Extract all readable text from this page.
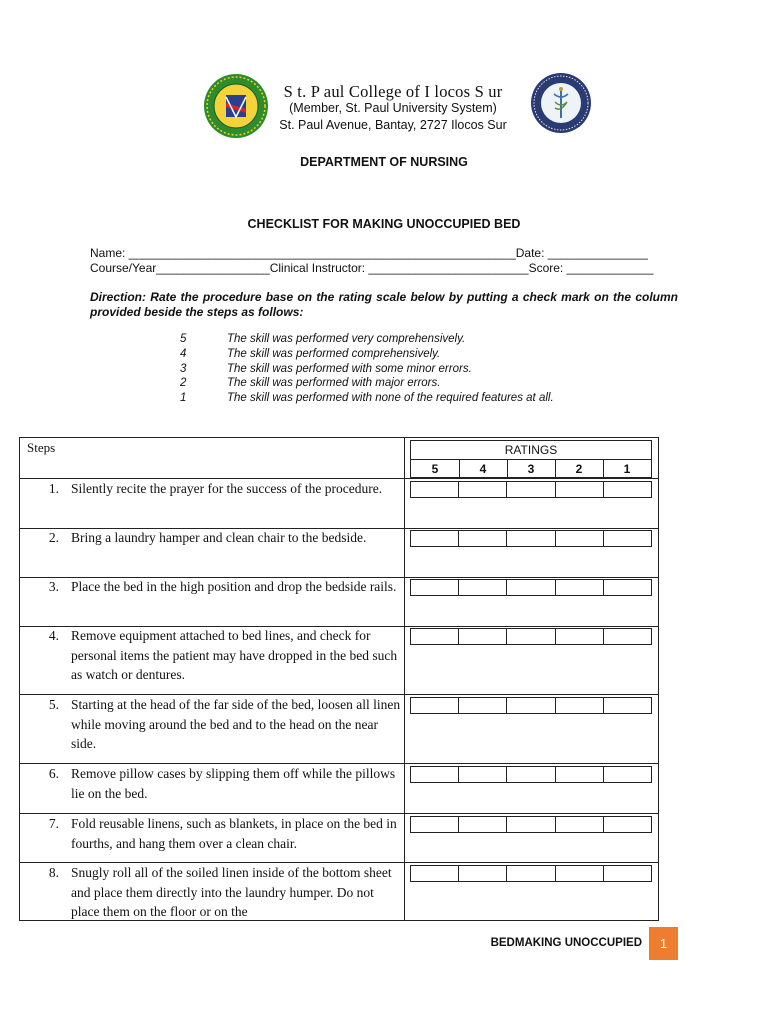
S t. P aul College of I locos S ur
(Member, St. Paul University System)
St. Paul Avenue, Bantay, 2727 Ilocos Sur
DEPARTMENT OF NURSING
CHECKLIST FOR MAKING UNOCCUPIED BED
Name: __________________________________________________________Date: _______________
Course/Year_________________Clinical Instructor: ________________________Score: _____________
Direction: Rate the procedure base on the rating scale below by putting a check mark on the column provided beside the steps as follows:
5	The skill was performed very comprehensively.
4	The skill was performed comprehensively.
3	The skill was performed with some minor errors.
2	The skill was performed with major errors.
1	The skill was performed with none of the required features at all.
Steps	RATINGS
5	4	3	2	1
1. Silently recite the prayer for the success of the procedure.
2. Bring a laundry hamper and clean chair to the bedside.
3. Place the bed in the high position and drop the bedside rails.
4. Remove equipment attached to bed lines, and check for personal items the patient may have dropped in the bed such as watch or dentures.
5. Starting at the head of the far side of the bed, loosen all linen while moving around the bed and to the head on the near side.
6. Remove pillow cases by slipping them off while the pillows lie on the bed.
7. Fold reusable linens, such as blankets, in place on the bed in fourths, and hang them over a clean chair.
8. Snugly roll all of the soiled linen inside of the bottom sheet and place them directly into the laundry humper. Do not place them on the floor or on the
BEDMAKING UNOCCUPIED	1
